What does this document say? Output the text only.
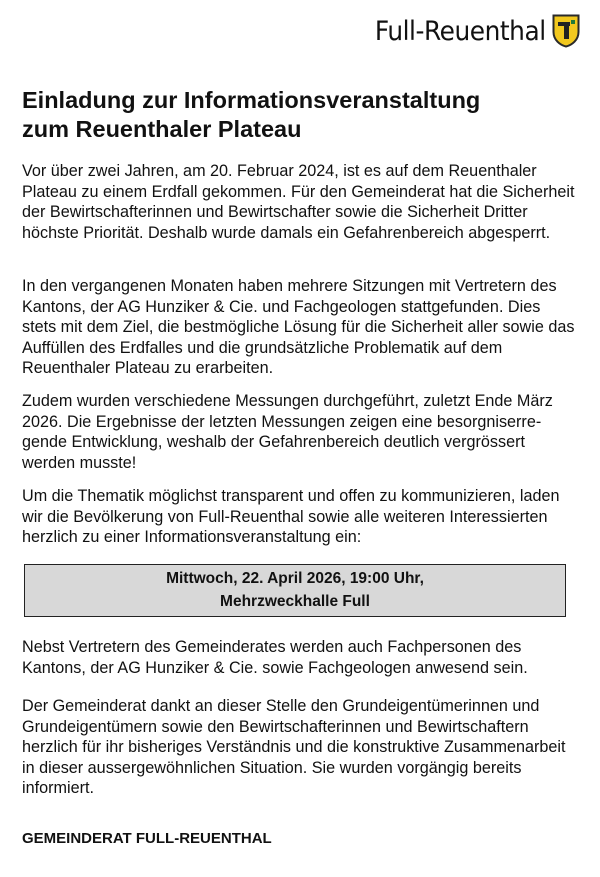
Full-Reuenthal
Einladung zur Informationsveranstaltung
zum Reuenthaler Plateau

Vor über zwei Jahren, am 20. Februar 2024, ist es auf dem Reuenthaler Plateau zu einem Erdfall gekommen. Für den Gemeinderat hat die Sicherheit der Bewirtschafterinnen und Bewirtschafter sowie die Sicherheit Dritter höchste Priorität. Deshalb wurde damals ein Gefahrenbereich abgesperrt.

In den vergangenen Monaten haben mehrere Sitzungen mit Vertretern des Kantons, der AG Hunziker & Cie. und Fachgeologen stattgefunden. Dies stets mit dem Ziel, die bestmögliche Lösung für die Sicherheit aller sowie das Auffüllen des Erdfalles und die grundsätzliche Problematik auf dem Reuenthaler Plateau zu erarbeiten.

Zudem wurden verschiedene Messungen durchgeführt, zuletzt Ende März 2026. Die Ergebnisse der letzten Messungen zeigen eine besorgniserregende Entwicklung, weshalb der Gefahrenbereich deutlich vergrössert werden musste!

Um die Thematik möglichst transparent und offen zu kommunizieren, laden wir die Bevölkerung von Full-Reuenthal sowie alle weiteren Interessierten herzlich zu einer Informationsveranstaltung ein:

Mittwoch, 22. April 2026, 19:00 Uhr,
Mehrzweckhalle Full

Nebst Vertretern des Gemeinderates werden auch Fachpersonen des Kantons, der AG Hunziker & Cie. sowie Fachgeologen anwesend sein.

Der Gemeinderat dankt an dieser Stelle den Grundeigentümerinnen und Grundeigentümern sowie den Bewirtschafterinnen und Bewirtschaftern herzlich für ihr bisheriges Verständnis und die konstruktive Zusammenarbeit in dieser aussergewöhnlichen Situation. Sie wurden vorgängig bereits informiert.

GEMEINDERAT FULL-REUENTHAL
